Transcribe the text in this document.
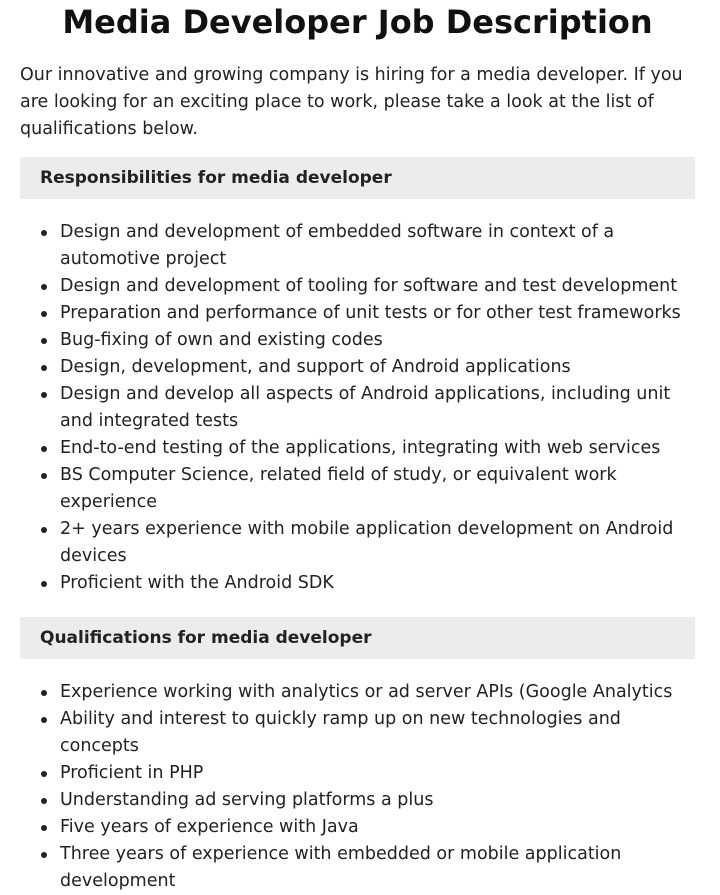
Media Developer Job Description

Our innovative and growing company is hiring for a media developer. If you are looking for an exciting place to work, please take a look at the list of qualifications below.

Responsibilities for media developer
Design and development of embedded software in context of a automotive project
Design and development of tooling for software and test development
Preparation and performance of unit tests or for other test frameworks
Bug-fixing of own and existing codes
Design, development, and support of Android applications
Design and develop all aspects of Android applications, including unit and integrated tests
End-to-end testing of the applications, integrating with web services
BS Computer Science, related field of study, or equivalent work experience
2+ years experience with mobile application development on Android devices
Proficient with the Android SDK
Qualifications for media developer
Experience working with analytics or ad server APIs (Google Analytics
Ability and interest to quickly ramp up on new technologies and concepts
Proficient in PHP
Understanding ad serving platforms a plus
Five years of experience with Java
Three years of experience with embedded or mobile application development
